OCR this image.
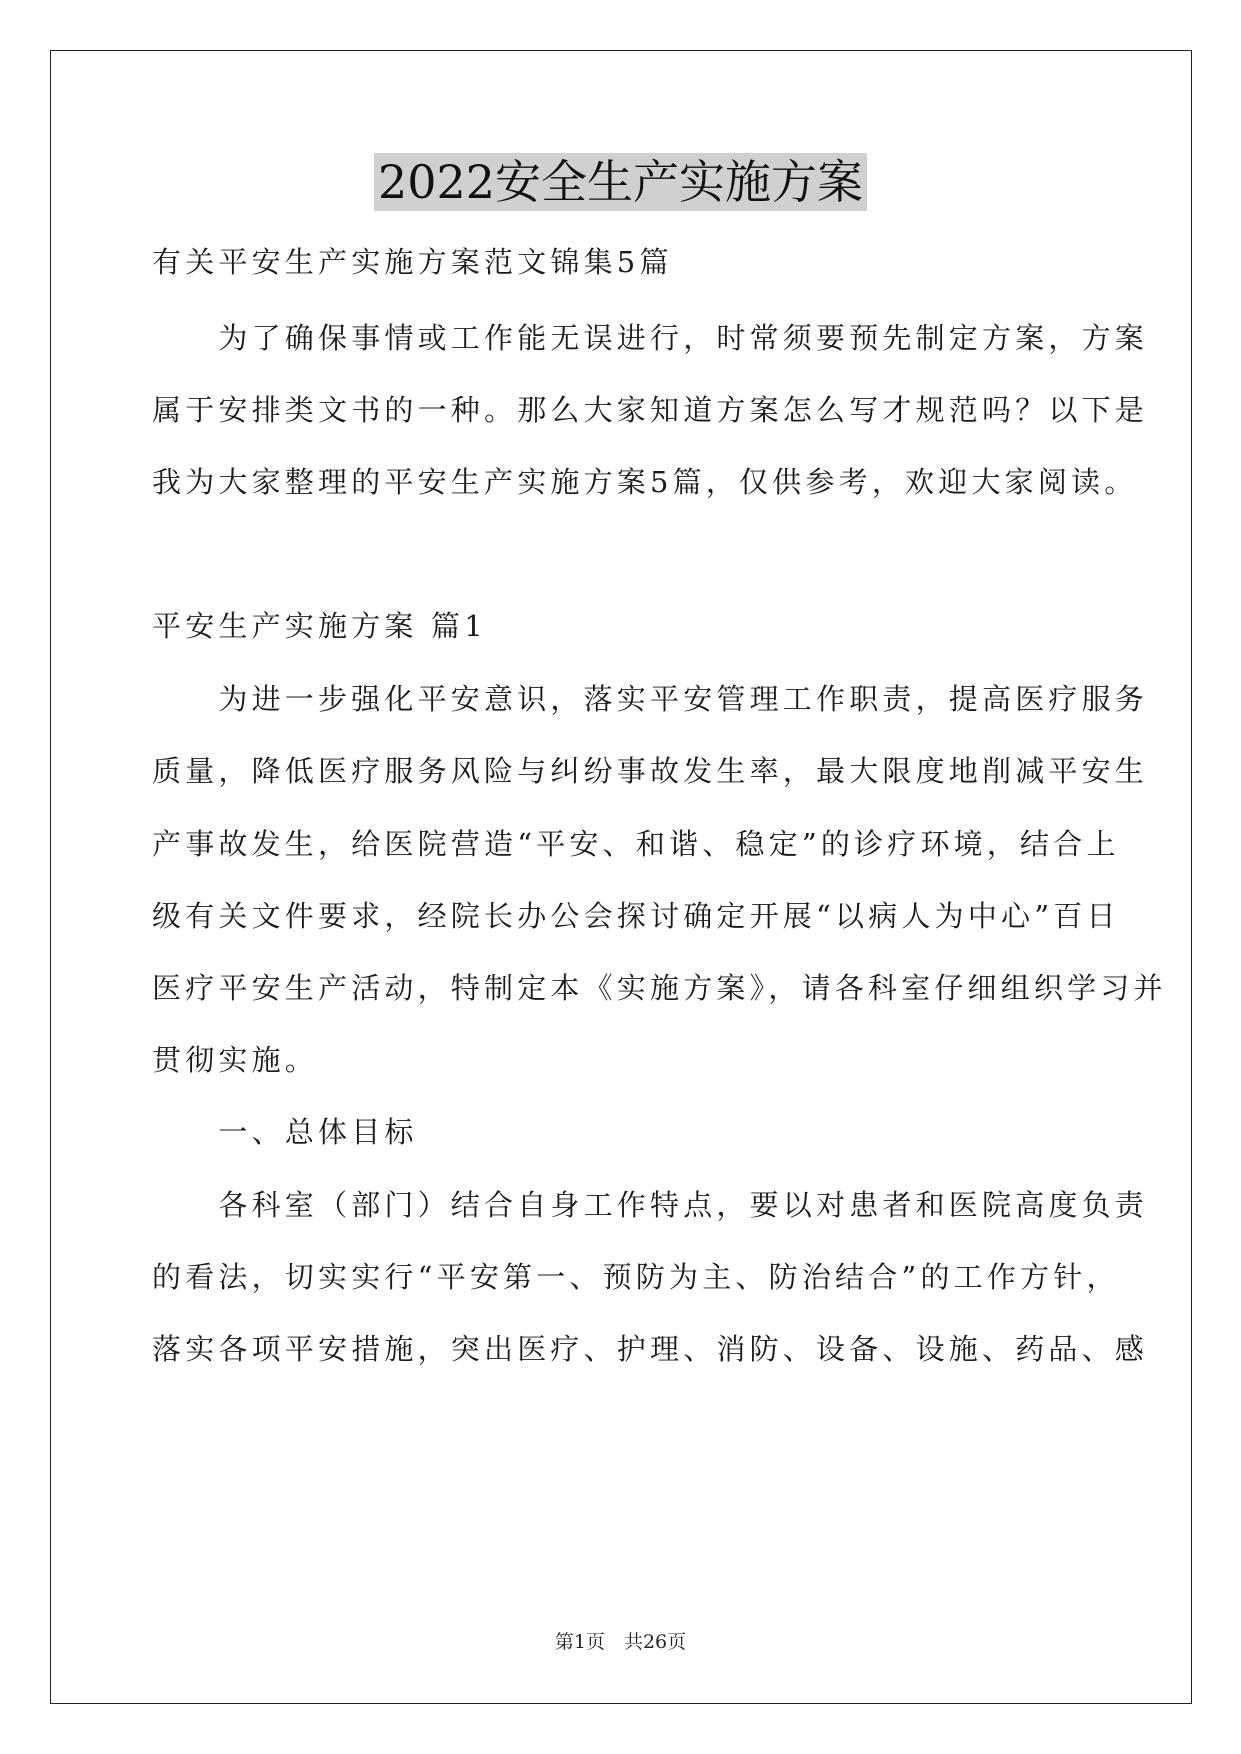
2022安全生产实施方案
有关平安生产实施方案范文锦集5篇
　　为了确保事情或工作能无误进行，时常须要预先制定方案，方案
属于安排类文书的一种。那么大家知道方案怎么写才规范吗？以下是
我为大家整理的平安生产实施方案5篇，仅供参考，欢迎大家阅读。
平安生产实施方案 篇1
　　为进一步强化平安意识，落实平安管理工作职责，提高医疗服务
质量，降低医疗服务风险与纠纷事故发生率，最大限度地削减平安生
产事故发生，给医院营造“平安、和谐、稳定”的诊疗环境，结合上
级有关文件要求，经院长办公会探讨确定开展“以病人为中心”百日
医疗平安生产活动，特制定本《实施方案》，请各科室仔细组织学习并
贯彻实施。
　　一、总体目标
　　各科室（部门）结合自身工作特点，要以对患者和医院高度负责
的看法，切实实行“平安第一、预防为主、防治结合”的工作方针，
落实各项平安措施，突出医疗、护理、消防、设备、设施、药品、感
第1页　共26页
